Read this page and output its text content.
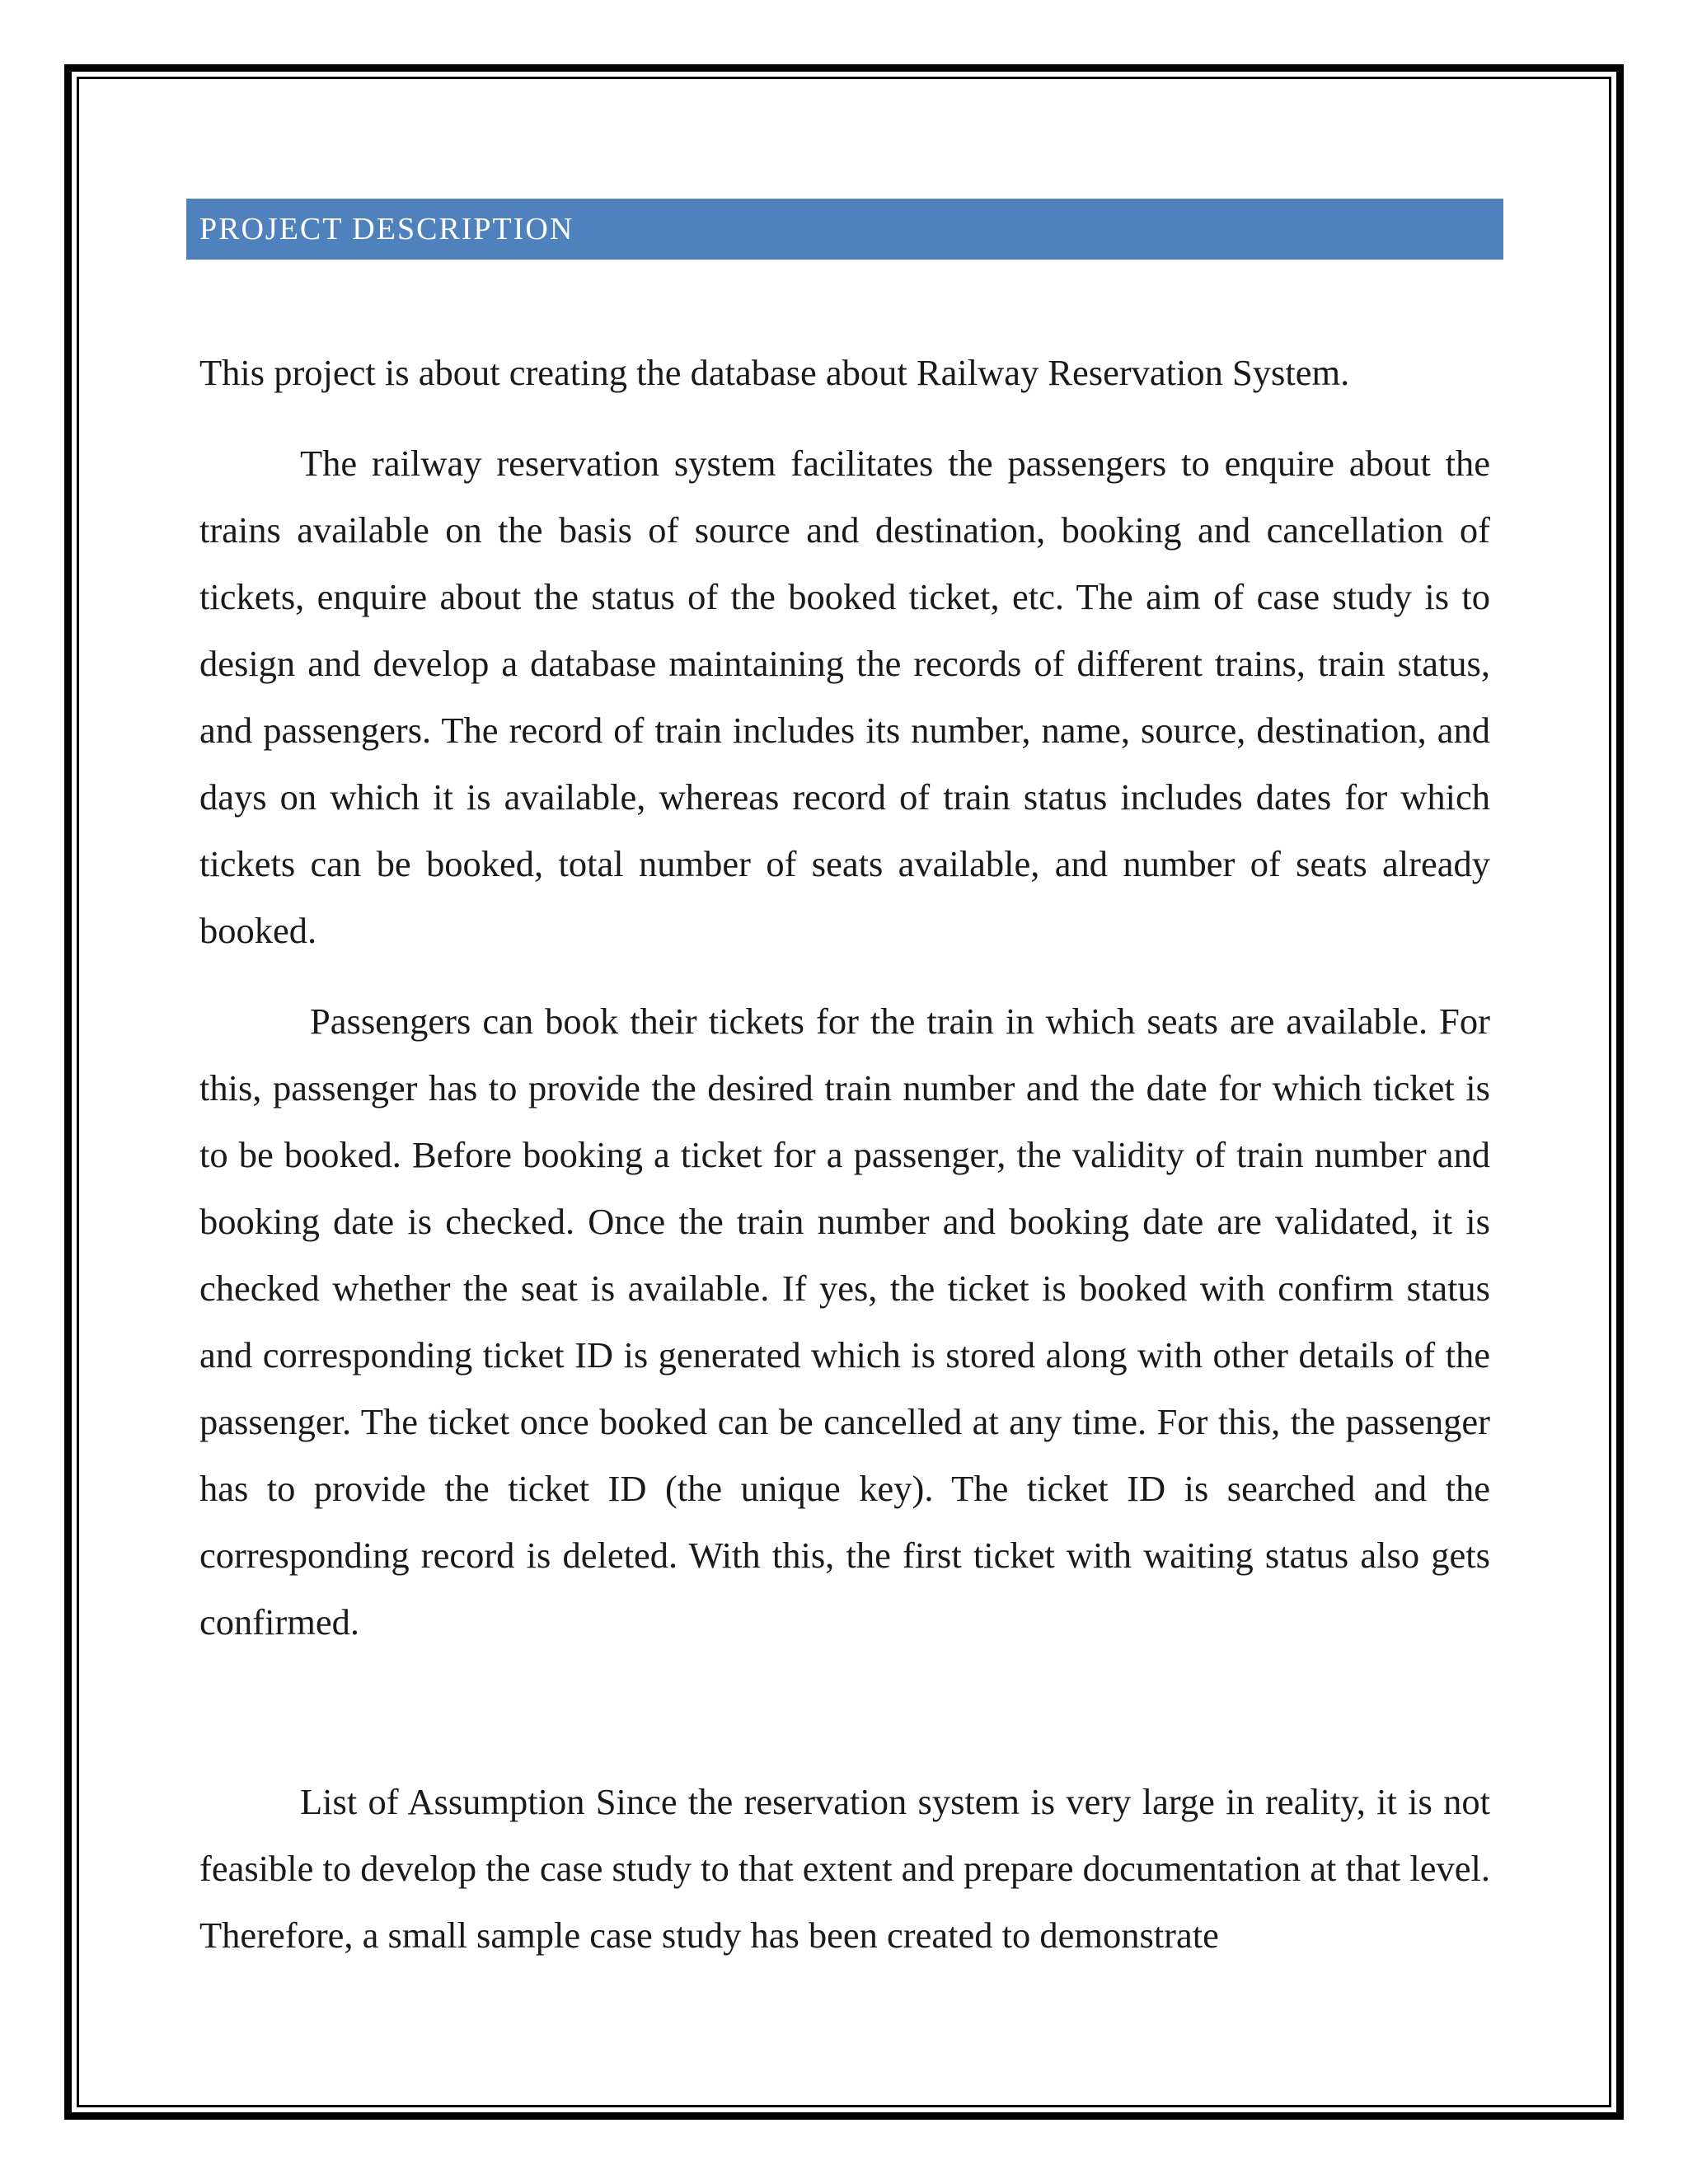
PROJECT DESCRIPTION

This project is about creating the database about Railway Reservation System.

The railway reservation system facilitates the passengers to enquire about the trains available on the basis of source and destination, booking and cancellation of tickets, enquire about the status of the booked ticket, etc. The aim of case study is to design and develop a database maintaining the records of different trains, train status, and passengers. The record of train includes its number, name, source, destination, and days on which it is available, whereas record of train status includes dates for which tickets can be booked, total number of seats available, and number of seats already booked.

Passengers can book their tickets for the train in which seats are available. For this, passenger has to provide the desired train number and the date for which ticket is to be booked. Before booking a ticket for a passenger, the validity of train number and booking date is checked. Once the train number and booking date are validated, it is checked whether the seat is available. If yes, the ticket is booked with confirm status and corresponding ticket ID is generated which is stored along with other details of the passenger. The ticket once booked can be cancelled at any time. For this, the passenger has to provide the ticket ID (the unique key). The ticket ID is searched and the corresponding record is deleted. With this, the first ticket with waiting status also gets confirmed.

List of Assumption Since the reservation system is very large in reality, it is not feasible to develop the case study to that extent and prepare documentation at that level. Therefore, a small sample case study has been created to demonstrate
